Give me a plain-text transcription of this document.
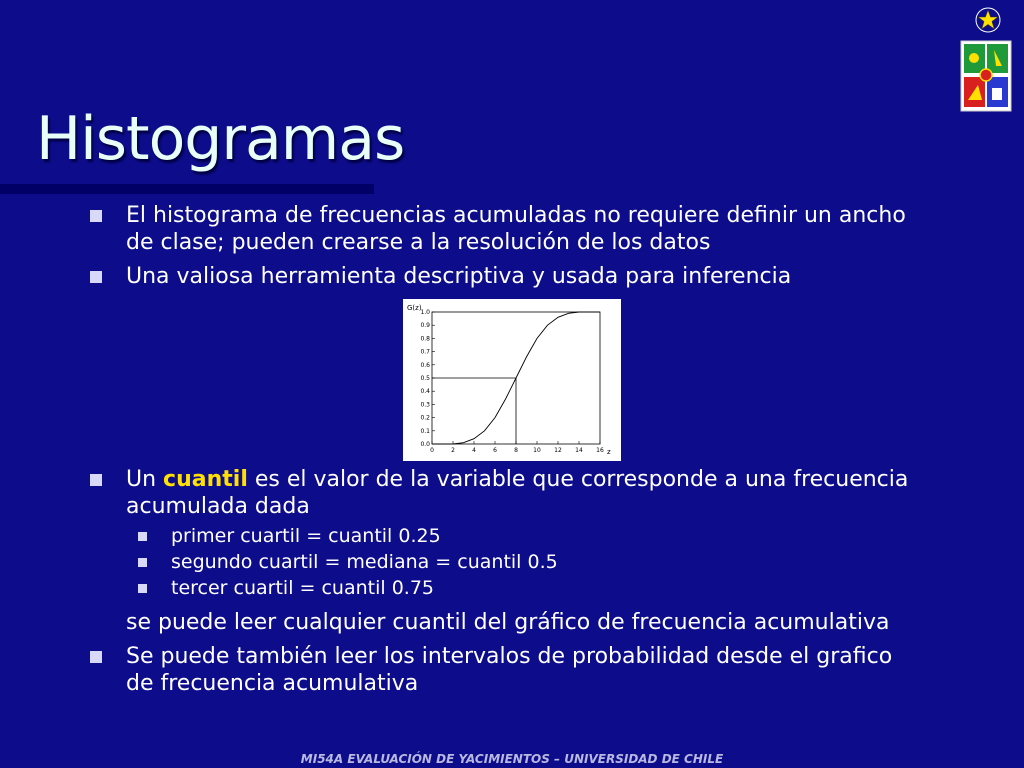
Histogramas
El histograma de frecuencias acumuladas no requiere definir un ancho
de clase; pueden crearse a la resolución de los datos
Una valiosa herramienta descriptiva y usada para inferencia
G(z)
z
0	2	4	6	8	10 12 14 16
0.0
0.1
0.2
0.3
0.4
0.5
0.6
0.7
0.8
0.9
1.0
Un cuantil es el valor de la variable que corresponde a una frecuencia
acumulada dada
primer cuartil = cuantil 0.25
segundo cuartil = mediana = cuantil 0.5
tercer cuartil = cuantil 0.75
se puede leer cualquier cuantil del gráfico de frecuencia acumulativa
Se puede también leer los intervalos de probabilidad desde el grafico
de frecuencia acumulativa
MI54A EVALUACIÓN DE YACIMIENTOS – UNIVERSIDAD DE CHILE
